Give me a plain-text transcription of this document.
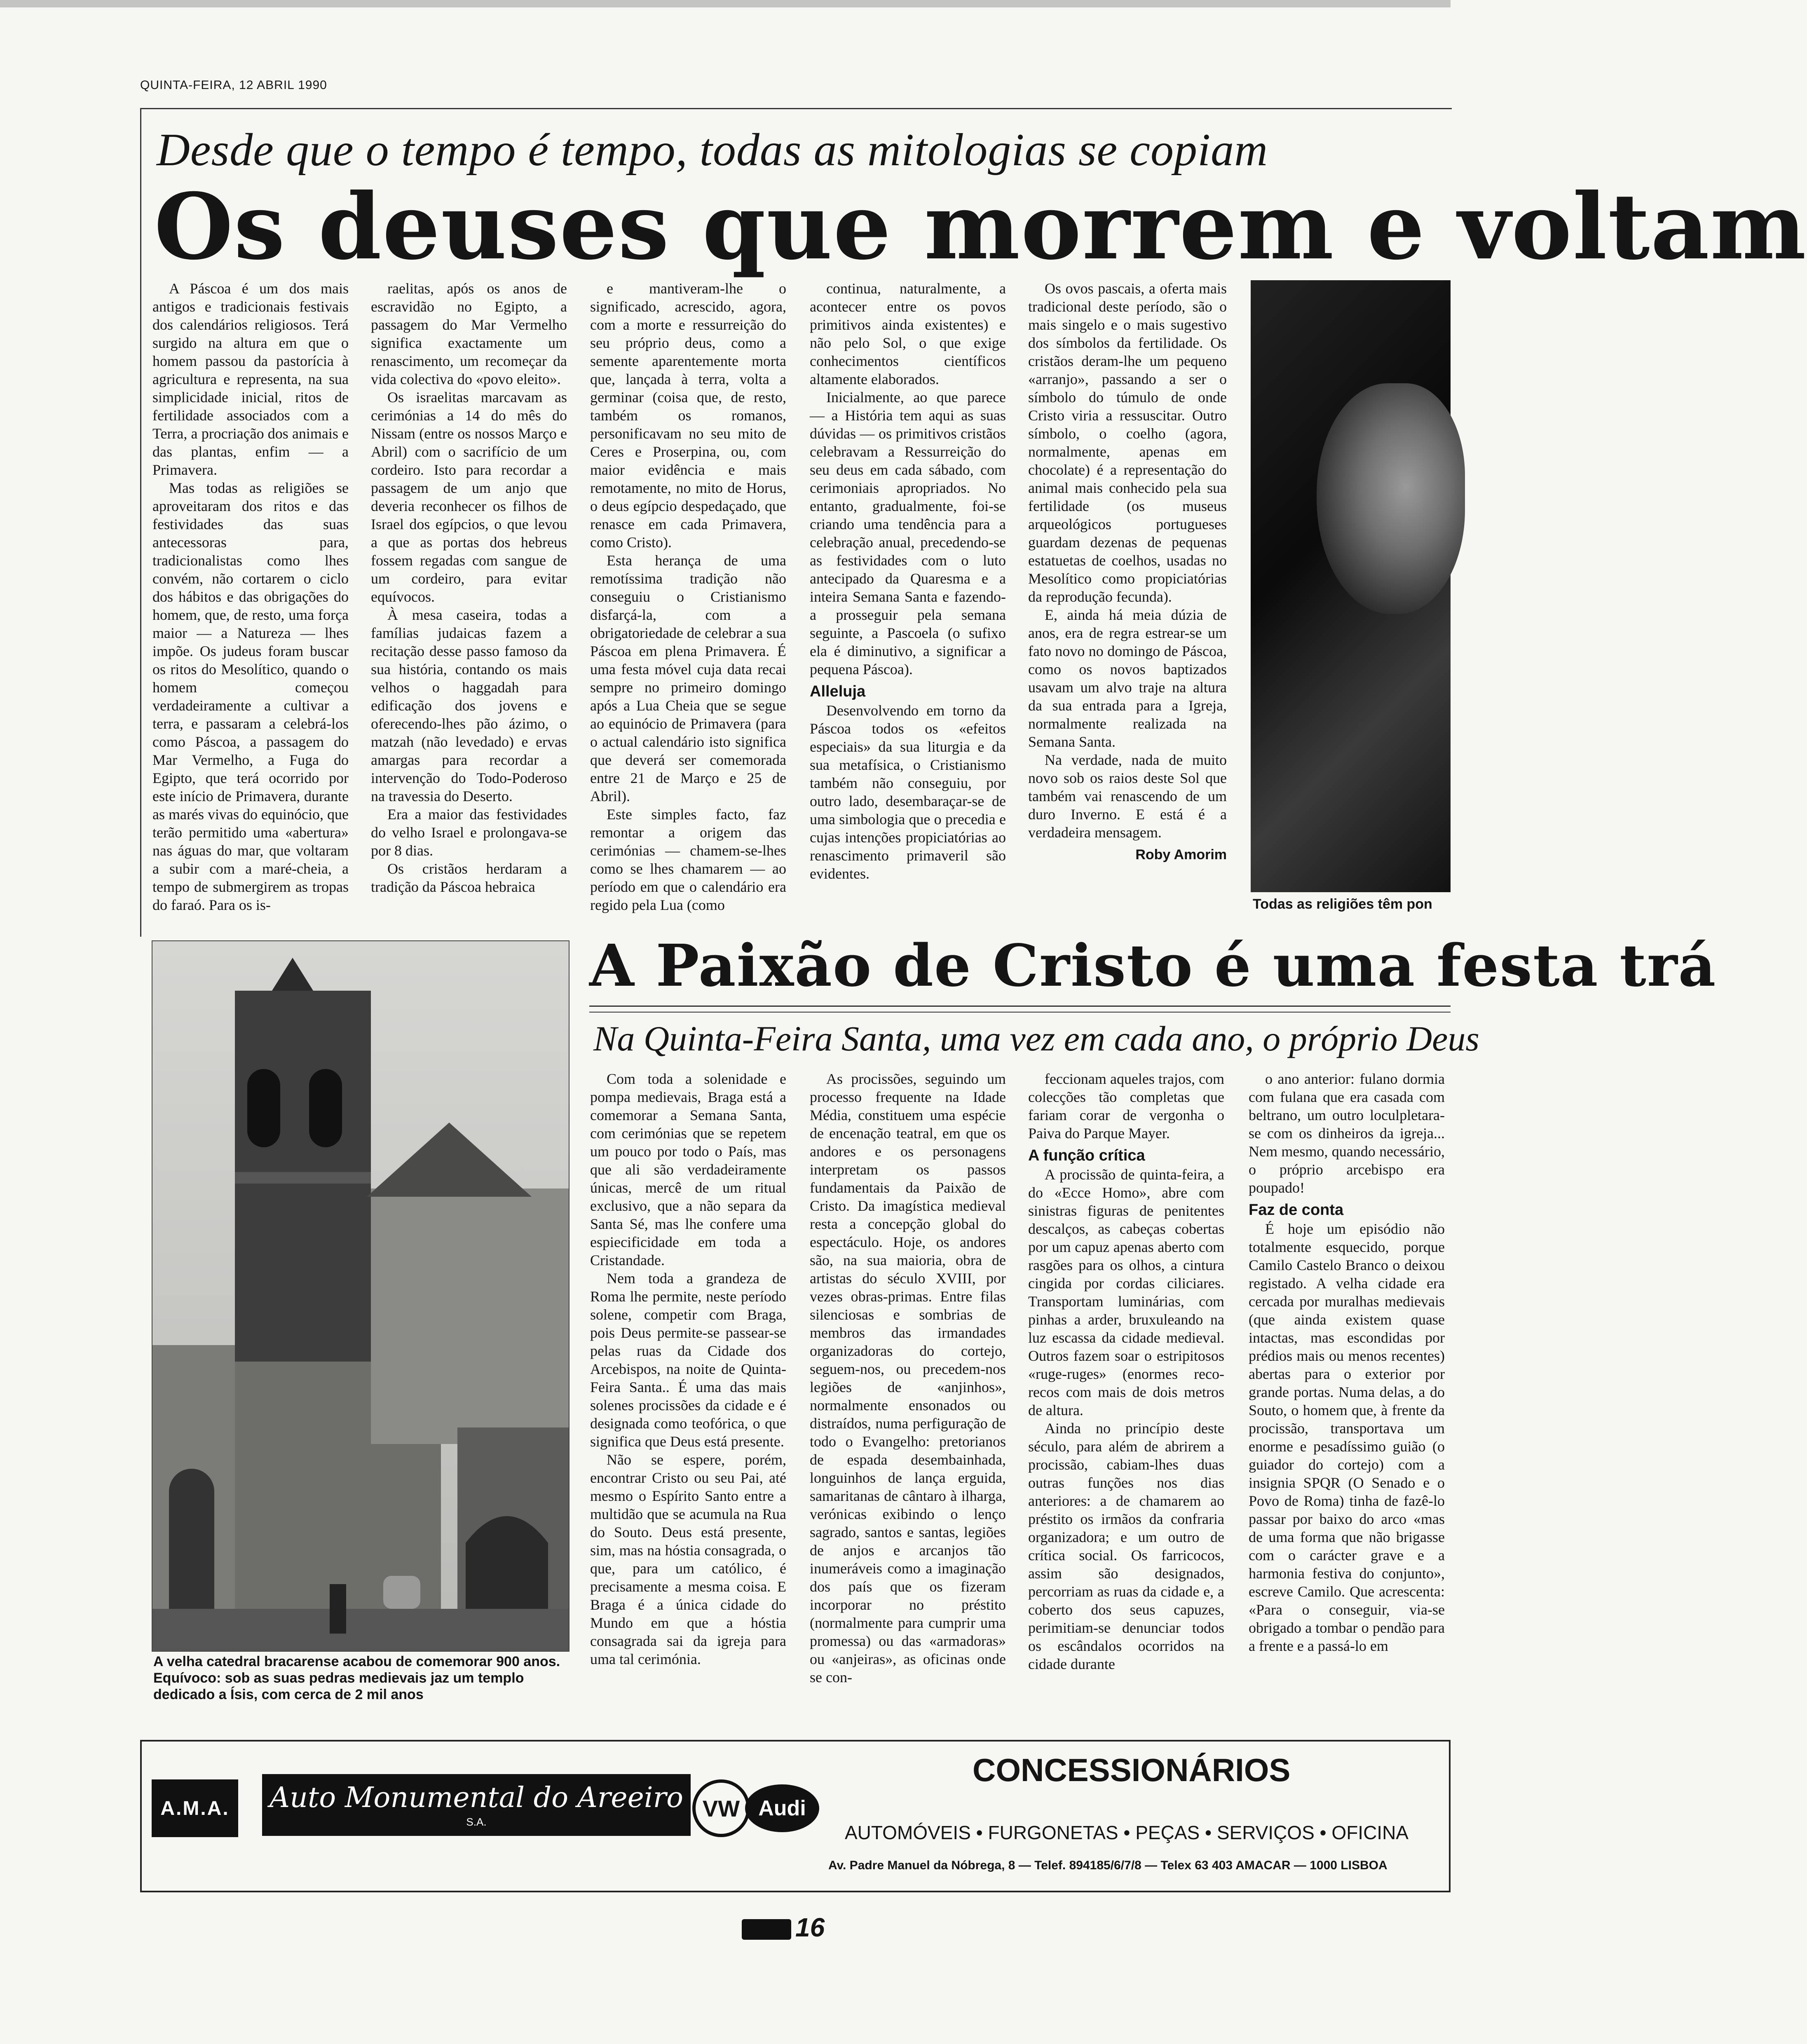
QUINTA-FEIRA, 12 ABRIL 1990
Desde que o tempo é tempo, todas as mitologias se copiam
Os deuses que morrem e voltam

A Páscoa é um dos mais antigos e tradicionais festivais dos calendários religiosos. Terá surgido na altura em que o homem passou da pastorícia à agricultura e representa, na sua simplicidade inicial, ritos de fertilidade associados com a Terra, a procriação dos animais e das plantas, enfim — a Primavera.

Mas todas as religiões se aproveitaram dos ritos e das festividades das suas antecessoras para, tradicionalistas como lhes convém, não cortarem o ciclo dos hábitos e das obrigações do homem, que, de resto, uma força maior — a Natureza — lhes impõe. Os judeus foram buscar os ritos do Mesolítico, quando o homem começou verdadeiramente a cultivar a terra, e passaram a celebrá-los como Páscoa, a passagem do Mar Vermelho, a Fuga do Egipto, que terá ocorrido por este início de Primavera, durante as marés vivas do equinócio, que terão permitido uma «abertura» nas águas do mar, que voltaram a subir com a maré-cheia, a tempo de submergirem as tropas do faraó. Para os is-

raelitas, após os anos de escravidão no Egipto, a passagem do Mar Vermelho significa exactamente um renascimento, um recomeçar da vida colectiva do «povo eleito».

Os israelitas marcavam as cerimónias a 14 do mês do Nissam (entre os nossos Março e Abril) com o sacrifício de um cordeiro. Isto para recordar a passagem de um anjo que deveria reconhecer os filhos de Israel dos egípcios, o que levou a que as portas dos hebreus fossem regadas com sangue de um cordeiro, para evitar equívocos.

À mesa caseira, todas a famílias judaicas fazem a recitação desse passo famoso da sua história, contando os mais velhos o haggadah para edificação dos jovens e oferecendo-lhes pão ázimo, o matzah (não levedado) e ervas amargas para recordar a intervenção do Todo-Poderoso na travessia do Deserto.

Era a maior das festividades do velho Israel e prolongava-se por 8 dias.

Os cristãos herdaram a tradição da Páscoa hebraica

e mantiveram-lhe o significado, acrescido, agora, com a morte e ressurreição do seu próprio deus, como a semente aparentemente morta que, lançada à terra, volta a germinar (coisa que, de resto, também os romanos, personificavam no seu mito de Ceres e Proserpina, ou, com maior evidência e mais remotamente, no mito de Horus, o deus egípcio despedaçado, que renasce em cada Primavera, como Cristo).

Esta herança de uma remotíssima tradição não conseguiu o Cristianismo disfarçá-la, com a obrigatoriedade de celebrar a sua Páscoa em plena Primavera. É uma festa móvel cuja data recai sempre no primeiro domingo após a Lua Cheia que se segue ao equinócio de Primavera (para o actual calendário isto significa que deverá ser comemorada entre 21 de Março e 25 de Abril).

Este simples facto, faz remontar a origem das cerimónias — chamem-se-lhes como se lhes chamarem — ao período em que o calendário era regido pela Lua (como

continua, naturalmente, a acontecer entre os povos primitivos ainda existentes) e não pelo Sol, o que exige conhecimentos científicos altamente elaborados.

Inicialmente, ao que parece — a História tem aqui as suas dúvidas — os primitivos cristãos celebravam a Ressurreição do seu deus em cada sábado, com cerimoniais apropriados. No entanto, gradualmente, foi-se criando uma tendência para a celebração anual, precedendo-se as festividades com o luto antecipado da Quaresma e a inteira Semana Santa e fazendo-a prosseguir pela semana seguinte, a Pascoela (o sufixo ela é diminutivo, a significar a pequena Páscoa).

Alleluja

Desenvolvendo em torno da Páscoa todos os «efeitos especiais» da sua liturgia e da sua metafísica, o Cristianismo também não conseguiu, por outro lado, desembaraçar-se de uma simbologia que o precedia e cujas intenções propiciatórias ao renascimento primaveril são evidentes.

Os ovos pascais, a oferta mais tradicional deste período, são o mais singelo e o mais sugestivo dos símbolos da fertilidade. Os cristãos deram-lhe um pequeno «arranjo», passando a ser o símbolo do túmulo de onde Cristo viria a ressuscitar. Outro símbolo, o coelho (agora, normalmente, apenas em chocolate) é a representação do animal mais conhecido pela sua fertilidade (os museus arqueológicos portugueses guardam dezenas de pequenas estatuetas de coelhos, usadas no Mesolítico como propiciatórias da reprodução fecunda).

E, ainda há meia dúzia de anos, era de regra estrear-se um fato novo no domingo de Páscoa, como os novos baptizados usavam um alvo traje na altura da sua entrada para a Igreja, normalmente realizada na Semana Santa.

Na verdade, nada de muito novo sob os raios deste Sol que também vai renascendo de um duro Inverno. E está é a verdadeira mensagem.

Roby Amorim
Todas as religiões têm pon
A velha catedral bracarense acabou de comemorar 900 anos. Equívoco: sob as suas pedras medievais jaz um templo dedicado a Ísis, com cerca de 2 mil anos
A Paixão de Cristo é uma festa trá
Na Quinta-Feira Santa, uma vez em cada ano, o próprio Deus

Com toda a solenidade e pompa medievais, Braga está a comemorar a Semana Santa, com cerimónias que se repetem um pouco por todo o País, mas que ali são verdadeiramente únicas, mercê de um ritual exclusivo, que a não separa da Santa Sé, mas lhe confere uma espiecificidade em toda a Cristandade.

Nem toda a grandeza de Roma lhe permite, neste período solene, competir com Braga, pois Deus permite-se passear-se pelas ruas da Cidade dos Arcebispos, na noite de Quinta-Feira Santa.. É uma das mais solenes procissões da cidade e é designada como teofórica, o que significa que Deus está presente.

Não se espere, porém, encontrar Cristo ou seu Pai, até mesmo o Espírito Santo entre a multidão que se acumula na Rua do Souto. Deus está presente, sim, mas na hóstia consagrada, o que, para um católico, é precisamente a mesma coisa. E Braga é a única cidade do Mundo em que a hóstia consagrada sai da igreja para uma tal cerimónia.

As procissões, seguindo um processo frequente na Idade Média, constituem uma espécie de encenação teatral, em que os andores e os personagens interpretam os passos fundamentais da Paixão de Cristo. Da imagística medieval resta a concepção global do espectáculo. Hoje, os andores são, na sua maioria, obra de artistas do século XVIII, por vezes obras-primas. Entre filas silenciosas e sombrias de membros das irmandades organizadoras do cortejo, seguem-nos, ou precedem-nos legiões de «anjinhos», normalmente ensonados ou distraídos, numa perfiguração de todo o Evangelho: pretorianos de espada desembainhada, longuinhos de lança erguida, samaritanas de cântaro à ilharga, verónicas exibindo o lenço sagrado, santos e santas, legiões de anjos e arcanjos tão inumeráveis como a imaginação dos país que os fizeram incorporar no préstito (normalmente para cumprir uma promessa) ou das «armadoras» ou «anjeiras», as oficinas onde se con-

feccionam aqueles trajos, com colecções tão completas que fariam corar de vergonha o Paiva do Parque Mayer.

A função crítica

A procissão de quinta-feira, a do «Ecce Homo», abre com sinistras figuras de penitentes descalços, as cabeças cobertas por um capuz apenas aberto com rasgões para os olhos, a cintura cingida por cordas ciliciares. Transportam luminárias, com pinhas a arder, bruxuleando na luz escassa da cidade medieval. Outros fazem soar o estripitosos «ruge-ruges» (enormes reco-recos com mais de dois metros de altura.

Ainda no princípio deste século, para além de abrirem a procissão, cabiam-lhes duas outras funções nos dias anteriores: a de chamarem ao préstito os irmãos da confraria organizadora; e um outro de crítica social. Os farricocos, assim são designados, percorriam as ruas da cidade e, a coberto dos seus capuzes, perimitiam-se denunciar todos os escândalos ocorridos na cidade durante

o ano anterior: fulano dormia com fulana que era casada com beltrano, um outro loculpletara-se com os dinheiros da igreja... Nem mesmo, quando necessário, o próprio arcebispo era poupado!

Faz de conta

É hoje um episódio não totalmente esquecido, porque Camilo Castelo Branco o deixou registado. A velha cidade era cercada por muralhas medievais (que ainda existem quase intactas, mas escondidas por prédios mais ou menos recentes) abertas para o exterior por grande portas. Numa delas, a do Souto, o homem que, à frente da procissão, transportava um enorme e pesadíssimo guião (o guiador do cortejo) com a insignia SPQR (O Senado e o Povo de Roma) tinha de fazê-lo passar por baixo do arco «mas de uma forma que não brigasse com o carácter grave e a harmonia festiva do conjunto», escreve Camilo. Que acrescenta: «Para o conseguir, via-se obrigado a tombar o pendão para a frente e a passá-lo em

A.M.A.	Auto Monumental do Areeiro
S.A.
VW Audi
CONCESSIONÁRIOS
AUTOMÓVEIS • FURGONETAS • PEÇAS • SERVIÇOS • OFICINA
Av. Padre Manuel da Nóbrega, 8 — Telef. 894185/6/7/8 — Telex 63 403 AMACAR — 1000 LISBOA
16
